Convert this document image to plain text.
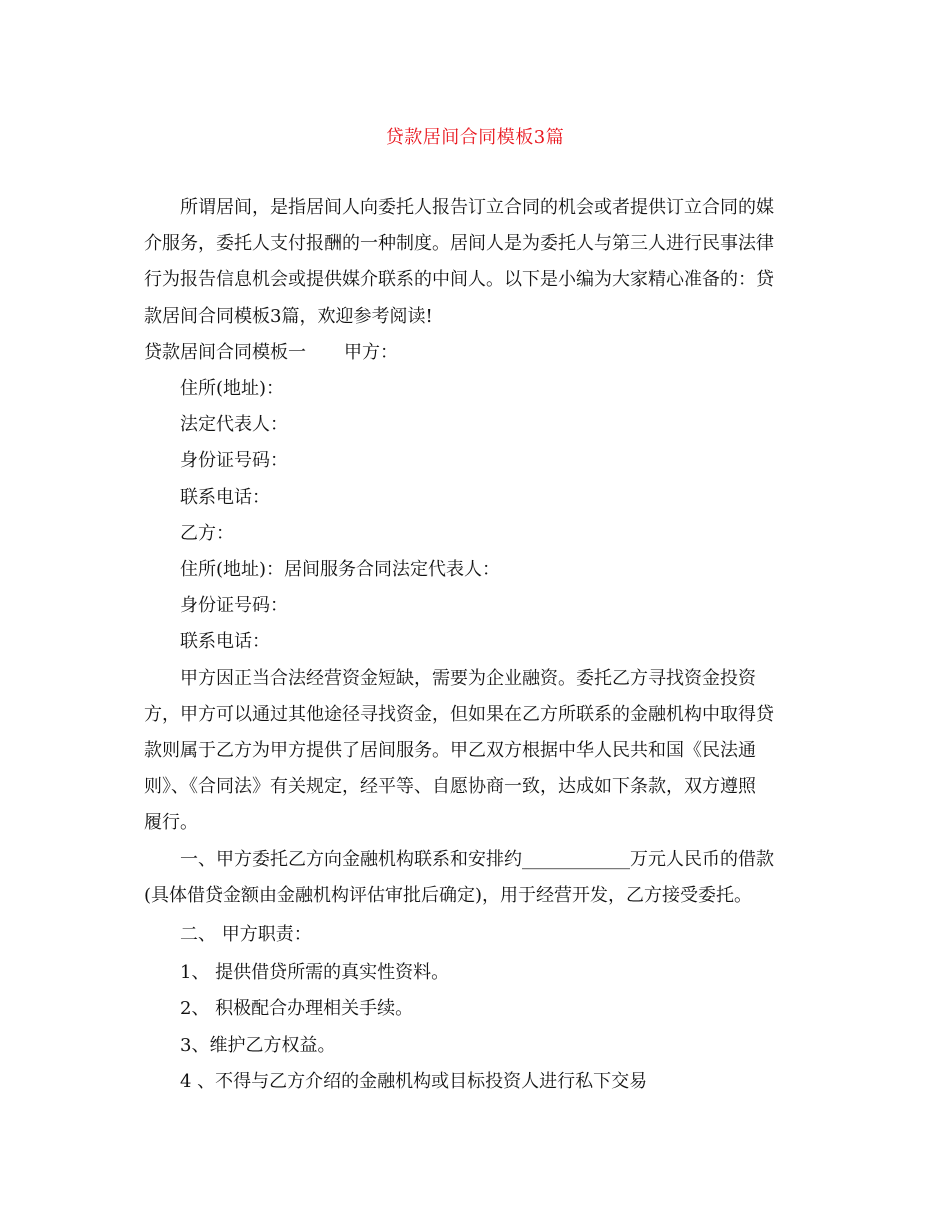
贷款居间合同模板3篇
所谓居间，是指居间人向委托人报告订立合同的机会或者提供订立合同的媒
介服务，委托人支付报酬的一种制度。居间人是为委托人与第三人进行民事法律
行为报告信息机会或提供媒介联系的中间人。以下是小编为大家精心准备的：贷
款居间合同模板3篇，欢迎参考阅读!
贷款居间合同模板一 甲方：
住所(地址)：
法定代表人：
身份证号码：
联系电话：
乙方：
住所(地址)：居间服务合同法定代表人：
身份证号码：
联系电话：
甲方因正当合法经营资金短缺，需要为企业融资。委托乙方寻找资金投资
方，甲方可以通过其他途径寻找资金，但如果在乙方所联系的金融机构中取得贷
款则属于乙方为甲方提供了居间服务。甲乙双方根据中华人民共和国《民法通
则》、《合同法》有关规定，经平等、自愿协商一致，达成如下条款，双方遵照
履行。
一、甲方委托乙方向金融机构联系和安排约____________万元人民币的借款
(具体借贷金额由金融机构评估审批后确定)，用于经营开发，乙方接受委托。
二、 甲方职责：
1、 提供借贷所需的真实性资料。
2、 积极配合办理相关手续。
3、维护乙方权益。
4 、不得与乙方介绍的金融机构或目标投资人进行私下交易
